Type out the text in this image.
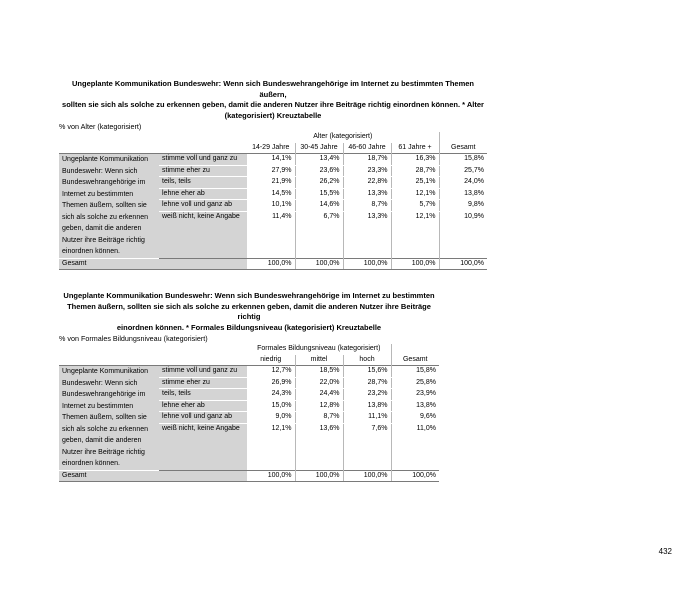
Ungeplante Kommunikation Bundeswehr: Wenn sich Bundeswehrangehörige im Internet zu bestimmten Themen äußern,
sollten sie sich als solche zu erkennen geben, damit die anderen Nutzer ihre Beiträge richtig einordnen können. * Alter
(kategorisiert) Kreuztabelle
% von Alter (kategorisiert)
		Alter (kategorisiert)				
		14-29 Jahre	30-45 Jahre	46-60 Jahre	61 Jahre +	Gesamt
Ungeplante Kommunikation Bundeswehr: Wenn sich Bundeswehrangehörige im Internet zu bestimmten Themen äußern, sollten sie sich als solche zu erkennen geben, damit die anderen Nutzer ihre Beiträge richtig einordnen können.	stimme voll und ganz zu	14,1%	13,4%	18,7%	16,3%	15,8%
	stimme eher zu	27,9%	23,6%	23,3%	28,7%	25,7%
	teils, teils	21,9%	26,2%	22,8%	25,1%	24,0%
	lehne eher ab	14,5%	15,5%	13,3%	12,1%	13,8%
	lehne voll und ganz ab	10,1%	14,6%	8,7%	5,7%	9,8%
	weiß nicht, keine Angabe	11,4%	6,7%	13,3%	12,1%	10,9%
Gesamt		100,0%	100,0%	100,0%	100,0%	100,0%
Ungeplante Kommunikation Bundeswehr: Wenn sich Bundeswehrangehörige im Internet zu bestimmten
Themen äußern, sollten sie sich als solche zu erkennen geben, damit die anderen Nutzer ihre Beiträge richtig
einordnen können. * Formales Bildungsniveau (kategorisiert) Kreuztabelle
% von Formales Bildungsniveau (kategorisiert)
		Formales Bildungsniveau (kategorisiert)			
		niedrig	mittel	hoch	Gesamt
Ungeplante Kommunikation Bundeswehr: Wenn sich Bundeswehrangehörige im Internet zu bestimmten Themen äußern, sollten sie sich als solche zu erkennen geben, damit die anderen Nutzer ihre Beiträge richtig einordnen können.	stimme voll und ganz zu	12,7%	18,5%	15,6%	15,8%
	stimme eher zu	26,9%	22,0%	28,7%	25,8%
	teils, teils	24,3%	24,4%	23,2%	23,9%
	lehne eher ab	15,0%	12,8%	13,8%	13,8%
	lehne voll und ganz ab	9,0%	8,7%	11,1%	9,6%
	weiß nicht, keine Angabe	12,1%	13,6%	7,6%	11,0%
Gesamt		100,0%	100,0%	100,0%	100,0%
432
